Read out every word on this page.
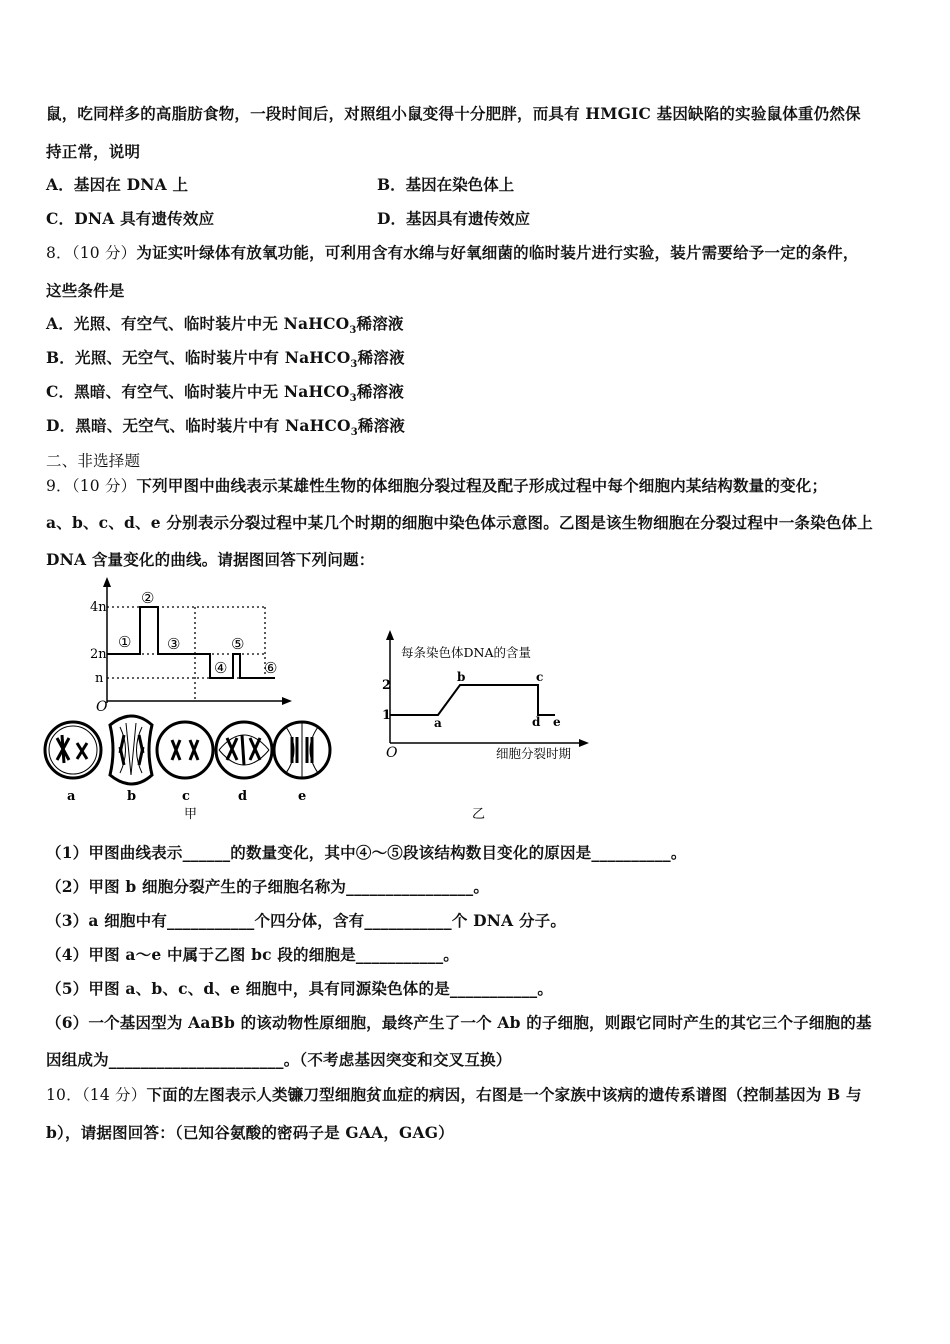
鼠，吃同样多的高脂肪食物，一段时间后，对照组小鼠变得十分肥胖，而具有 HMGIC 基因缺陷的实验鼠体重仍然保
持正常，说明
A．基因在 DNA 上	B．基因在染色体上
C．DNA 具有遗传效应	D．基因具有遗传效应
8．（10 分）为证实叶绿体有放氧功能，可利用含有水绵与好氧细菌的临时装片进行实验，装片需要给予一定的条件，
这些条件是
A．光照、有空气、临时装片中无 NaHCO$_3$稀溶液
B．光照、无空气、临时装片中有 NaHCO$_3$稀溶液
C．黑暗、有空气、临时装片中无 NaHCO$_3$稀溶液
D．黑暗、无空气、临时装片中有 NaHCO$_3$稀溶液
二、非选择题
9．（10 分）下列甲图中曲线表示某雄性生物的体细胞分裂过程及配子形成过程中每个细胞内某结构数量的变化；
a、b、c、d、e 分别表示分裂过程中某几个时期的细胞中染色体示意图。乙图是该生物细胞在分裂过程中一条染色体上
DNA 含量变化的曲线。请据图回答下列问题：
4n
2n
n
O
①
②
③
④
⑤
⑥
a	b	c	d	e
甲
每条染色体DNA的含量
2
1
O
a
b	c
d e
细胞分裂时期
乙
（1）甲图曲线表示______的数量变化，其中④～⑤段该结构数目变化的原因是__________。
（2）甲图 b 细胞分裂产生的子细胞名称为________________。
（3）a 细胞中有___________个四分体，含有___________个 DNA 分子。
（4）甲图 a～e 中属于乙图 bc 段的细胞是___________。
（5）甲图 a、b、c、d、e 细胞中，具有同源染色体的是___________。
（6）一个基因型为 AaBb 的该动物性原细胞，最终产生了一个 Ab 的子细胞，则跟它同时产生的其它三个子细胞的基
因组成为______________________。（不考虑基因突变和交叉互换）
10．（14 分）下面的左图表示人类镰刀型细胞贫血症的病因，右图是一个家族中该病的遗传系谱图（控制基因为 B 与
b），请据图回答：（已知谷氨酸的密码子是 GAA，GAG）
